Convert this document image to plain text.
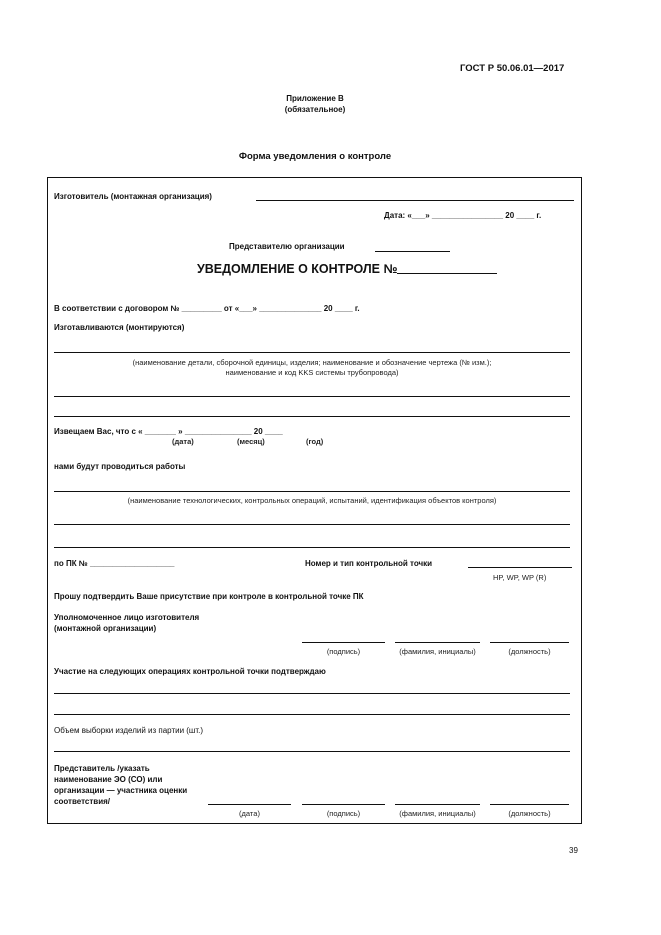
ГОСТ Р 50.06.01—2017
Приложение В
(обязательное)
Форма уведомления о контроле
Изготовитель (монтажная организация)
Дата: «___» ________________ 20 ____ г.
Представителю организации
УВЕДОМЛЕНИЕ О КОНТРОЛЕ №
В соответствии с договором № _________ от «___» ______________ 20 ____ г.
Изготавливаются (монтируются)
(наименование детали, сборочной единицы, изделия; наименование и обозначение чертежа (№ изм.);
наименование и код KKS системы трубопровода)
Извещаем Вас, что с « _______ » _______________ 20 ____
(дата)	(месяц)	(год)
нами будут проводиться работы
(наименование технологических, контрольных операций, испытаний, идентификация объектов контроля)
по ПК № ___________________	Номер и тип контрольной точки
HP, WP, WP (R)
Прошу подтвердить Ваше присутствие при контроле в контрольной точке ПК
Уполномоченное лицо изготовителя (монтажной организации)
(подпись)	(фамилия, инициалы)	(должность)
Участие на следующих операциях контрольной точки подтверждаю
Объем выборки изделий из партии (шт.)
Представитель /указать наименование ЭО (СО) или организации — участника оценки соответствия/
(дата)	(подпись)	(фамилия, инициалы)	(должность)
39
